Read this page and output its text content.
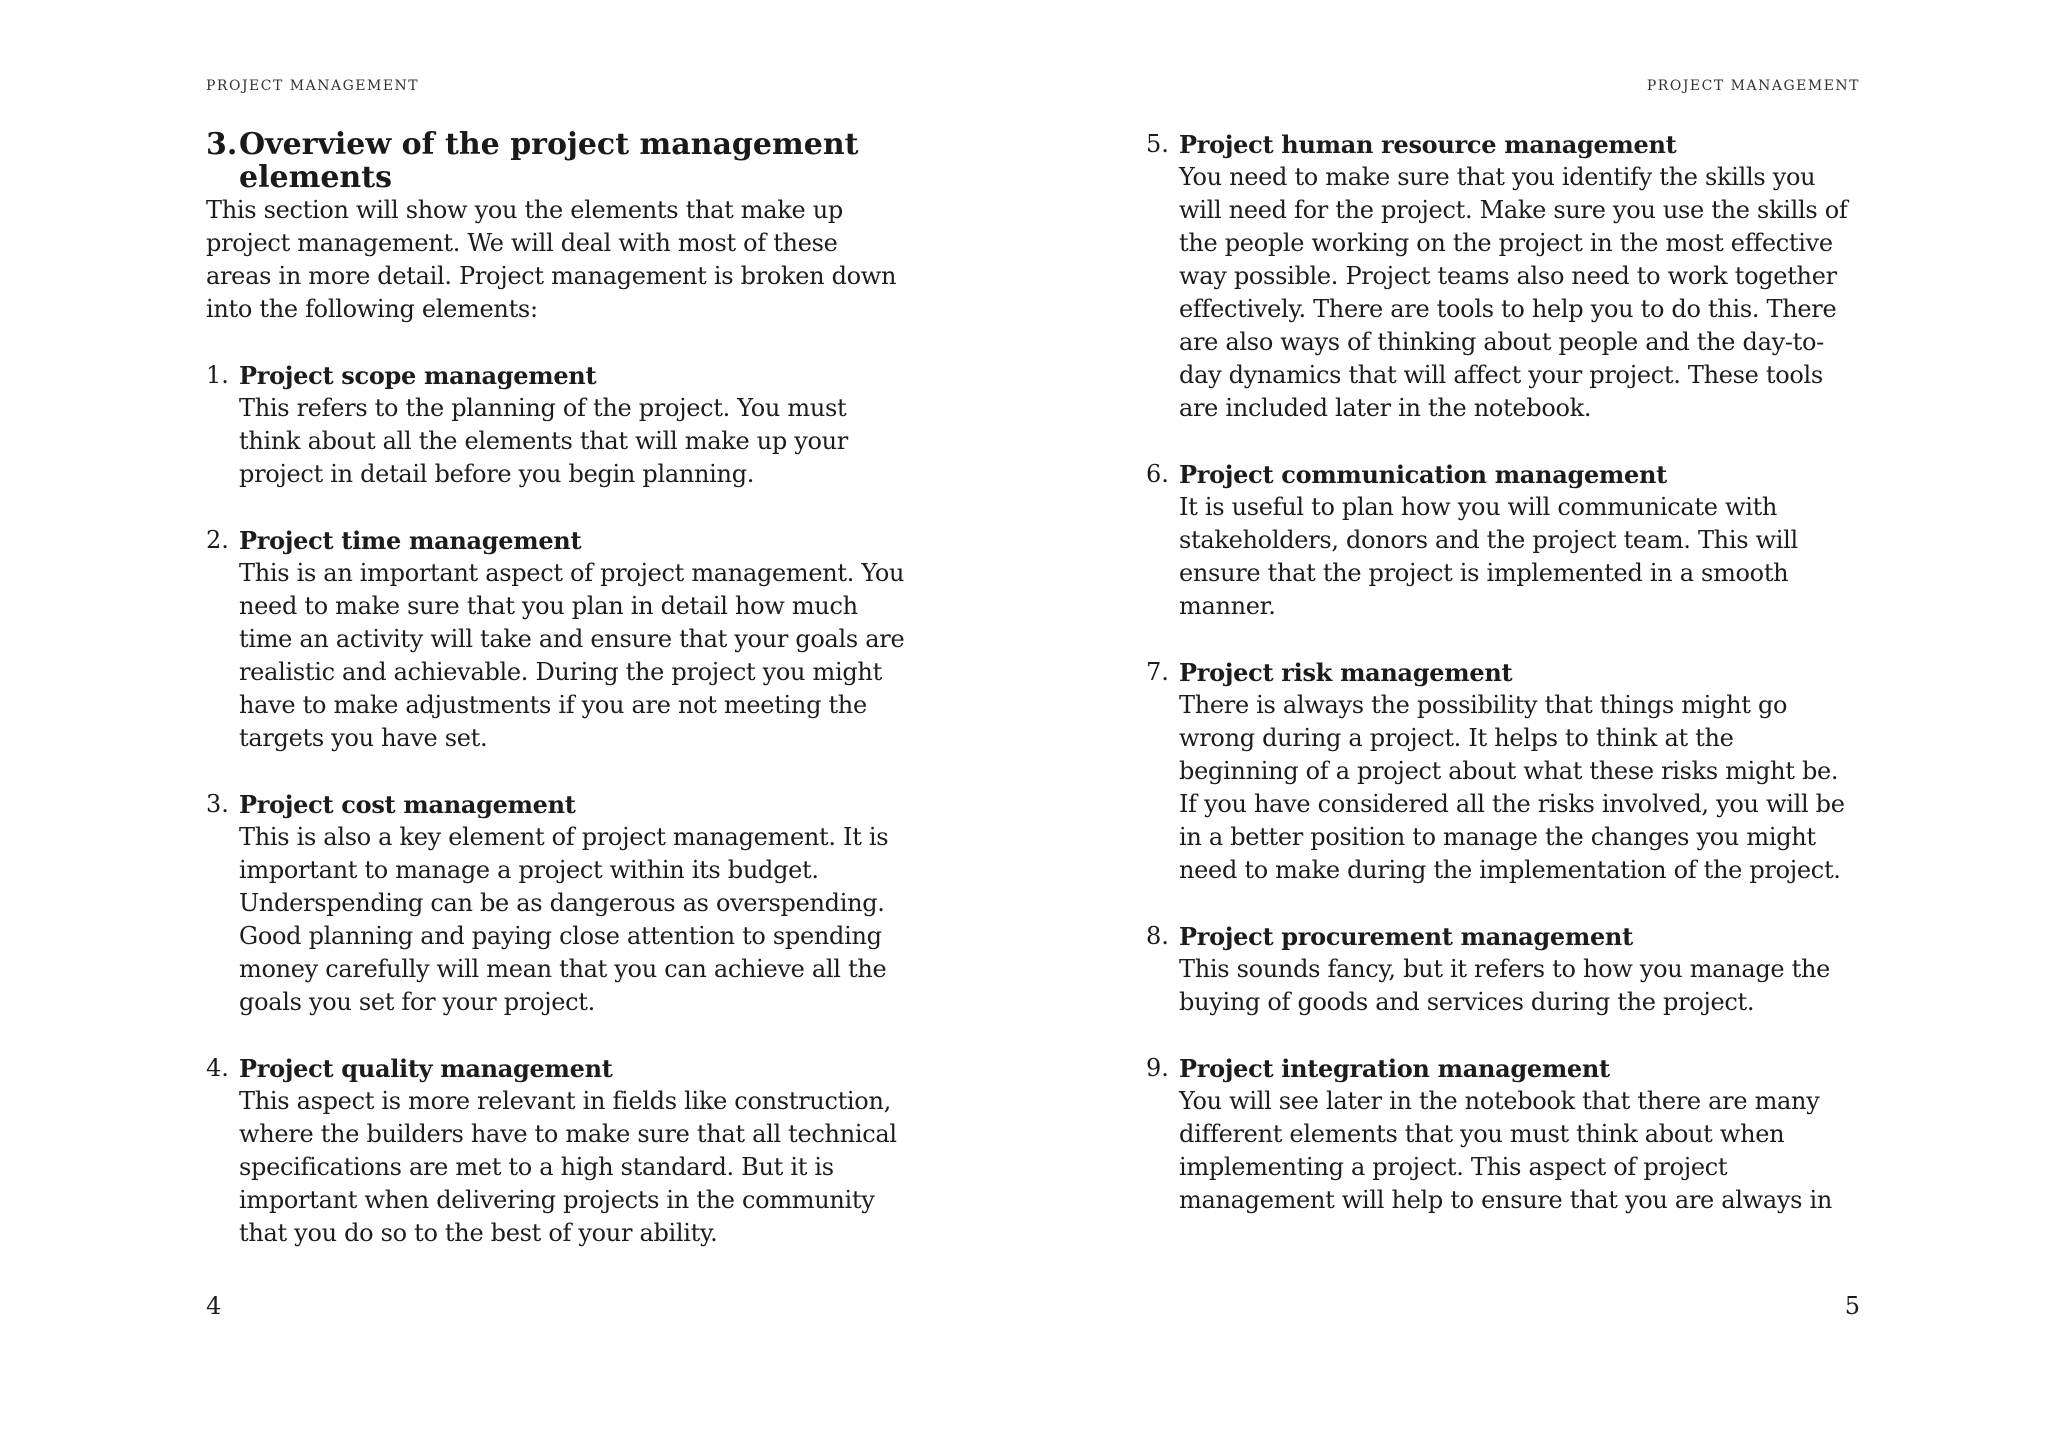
PROJECT MANAGEMENT
3. Overview of the project management elements

This section will show you the elements that make up project management. We will deal with most of these areas in more detail. Project management is broken down into the following elements:

1. Project scope management

This refers to the planning of the project. You must think about all the elements that will make up your project in detail before you begin planning.

2. Project time management

This is an important aspect of project management. You need to make sure that you plan in detail how much time an activity will take and ensure that your goals are realistic and achievable. During the project you might have to make adjustments if you are not meeting the targets you have set.

3. Project cost management

This is also a key element of project management. It is important to manage a project within its budget. Underspending can be as dangerous as overspending. Good planning and paying close attention to spending money carefully will mean that you can achieve all the goals you set for your project.

4. Project quality management

This aspect is more relevant in fields like construction, where the builders have to make sure that all technical specifications are met to a high standard. But it is important when delivering projects in the community that you do so to the best of your ability.

4
PROJECT MANAGEMENT
5. Project human resource management

You need to make sure that you identify the skills you will need for the project. Make sure you use the skills of the people working on the project in the most effective way possible. Project teams also need to work together effectively. There are tools to help you to do this. There are also ways of thinking about people and the day-to-day dynamics that will affect your project. These tools are included later in the notebook.

6. Project communication management

It is useful to plan how you will communicate with stakeholders, donors and the project team. This will ensure that the project is implemented in a smooth manner.

7. Project risk management

There is always the possibility that things might go wrong during a project. It helps to think at the beginning of a project about what these risks might be. If you have considered all the risks involved, you will be in a better position to manage the changes you might need to make during the implementation of the project.

8. Project procurement management

This sounds fancy, but it refers to how you manage the buying of goods and services during the project.

9. Project integration management

You will see later in the notebook that there are many different elements that you must think about when implementing a project. This aspect of project management will help to ensure that you are always in

5
